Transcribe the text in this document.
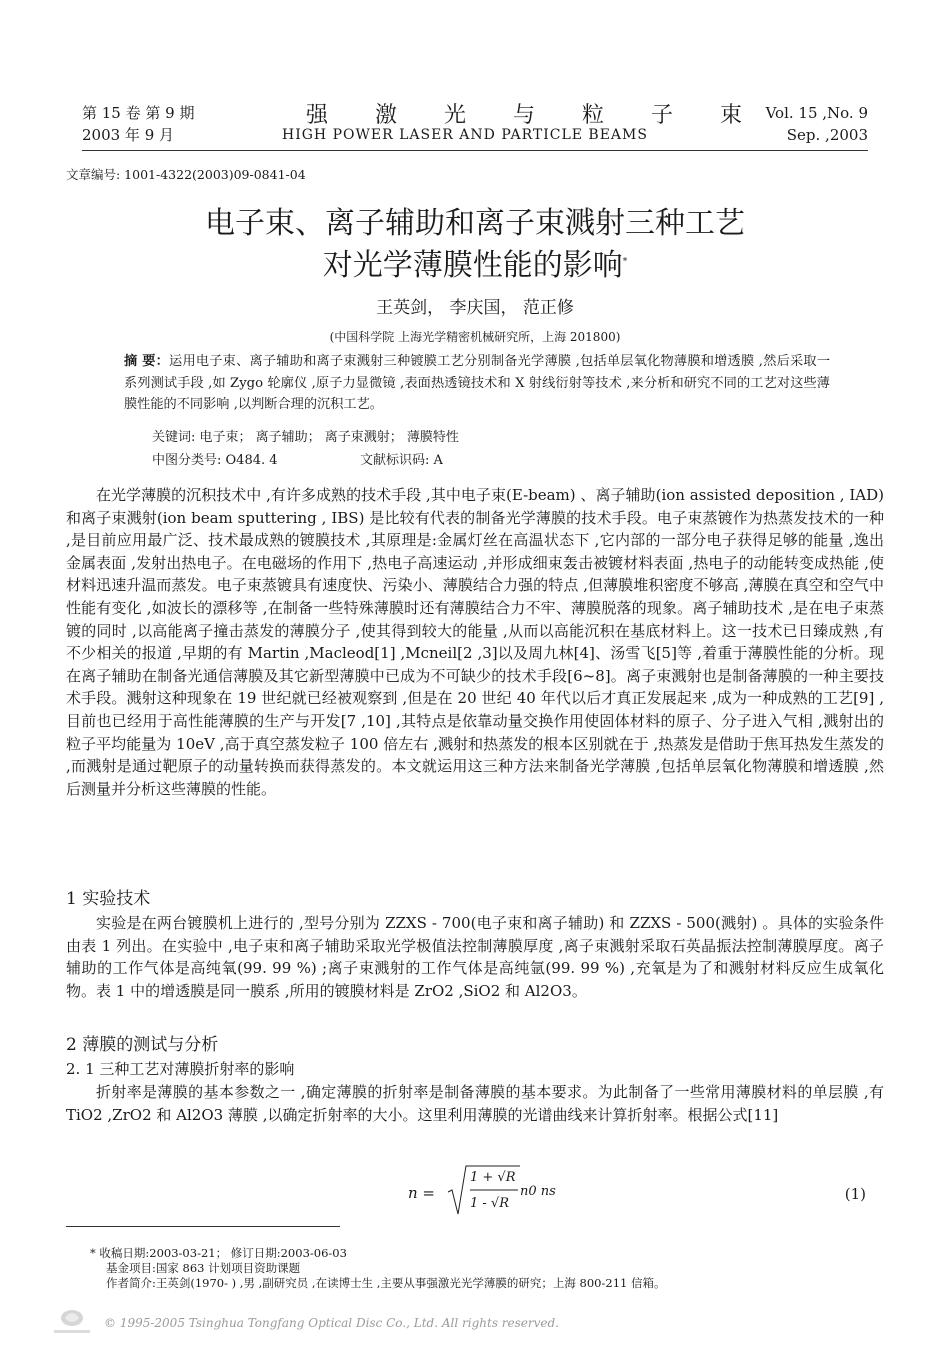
第 15 卷 第 9 期
2003 年 9 月
强 激 光 与 粒 子 束
HIGH POWER LASER AND PARTICLE BEAMS
Vol. 15 ,No. 9
Sep. ,2003
文章编号: 1001-4322(2003)09-0841-04
电子束、离子辅助和离子束溅射三种工艺
对光学薄膜性能的影响*
王英剑， 李庆国， 范正修
(中国科学院 上海光学精密机械研究所，上海 201800)
摘 要：运用电子束、离子辅助和离子束溅射三种镀膜工艺分别制备光学薄膜 ,包括单层氧化物薄膜和增透膜 ,然后采取一系列测试手段 ,如 Zygo 轮廓仪 ,原子力显微镜 ,表面热透镜技术和 X 射线衍射等技术 ,来分析和研究不同的工艺对这些薄膜性能的不同影响 ,以判断合理的沉积工艺。
关键词: 电子束； 离子辅助； 离子束溅射； 薄膜特性
中图分类号: O484. 4	文献标识码: A

在光学薄膜的沉积技术中 ,有许多成熟的技术手段 ,其中电子束(E-beam) 、离子辅助(ion assisted deposition , IAD) 和离子束溅射(ion beam sputtering , IBS) 是比较有代表的制备光学薄膜的技术手段。电子束蒸镀作为热蒸发技术的一种 ,是目前应用最广泛、技术最成熟的镀膜技术 ,其原理是:金属灯丝在高温状态下 ,它内部的一部分电子获得足够的能量 ,逸出金属表面 ,发射出热电子。在电磁场的作用下 ,热电子高速运动 ,并形成细束轰击被镀材料表面 ,热电子的动能转变成热能 ,使材料迅速升温而蒸发。电子束蒸镀具有速度快、污染小、薄膜结合力强的特点 ,但薄膜堆积密度不够高 ,薄膜在真空和空气中性能有变化 ,如波长的漂移等 ,在制备一些特殊薄膜时还有薄膜结合力不牢、薄膜脱落的现象。离子辅助技术 ,是在电子束蒸镀的同时 ,以高能离子撞击蒸发的薄膜分子 ,使其得到较大的能量 ,从而以高能沉积在基底材料上。这一技术已日臻成熟 ,有不少相关的报道 ,早期的有 Martin ,Macleod[1] ,Mcneil[2 ,3]以及周九林[4]、汤雪飞[5]等 ,着重于薄膜性能的分析。现在离子辅助在制备光通信薄膜及其它新型薄膜中已成为不可缺少的技术手段[6~8]。离子束溅射也是制备薄膜的一种主要技术手段。溅射这种现象在 19 世纪就已经被观察到 ,但是在 20 世纪 40 年代以后才真正发展起来 ,成为一种成熟的工艺[9] ,目前也已经用于高性能薄膜的生产与开发[7 ,10] ,其特点是依靠动量交换作用使固体材料的原子、分子进入气相 ,溅射出的粒子平均能量为 10eV ,高于真空蒸发粒子 100 倍左右 ,溅射和热蒸发的根本区别就在于 ,热蒸发是借助于焦耳热发生蒸发的 ,而溅射是通过靶原子的动量转换而获得蒸发的。本文就运用这三种方法来制备光学薄膜 ,包括单层氧化物薄膜和增透膜 ,然后测量并分析这些薄膜的性能。

1 实验技术

实验是在两台镀膜机上进行的 ,型号分别为 ZZXS - 700(电子束和离子辅助) 和 ZZXS - 500(溅射) 。具体的实验条件由表 1 列出。在实验中 ,电子束和离子辅助采取光学极值法控制薄膜厚度 ,离子束溅射采取石英晶振法控制薄膜厚度。离子辅助的工作气体是高纯氧(99. 99 %) ;离子束溅射的工作气体是高纯氩(99. 99 %) ,充氧是为了和溅射材料反应生成氧化物。表 1 中的增透膜是同一膜系 ,所用的镀膜材料是 ZrO2 ,SiO2 和 Al2O3。

2 薄膜的测试与分析
2. 1 三种工艺对薄膜折射率的影响

折射率是薄膜的基本参数之一 ,确定薄膜的折射率是制备薄膜的基本要求。为此制备了一些常用薄膜材料的单层膜 ,有 TiO2 ,ZrO2 和 Al2O3 薄膜 ,以确定折射率的大小。这里利用薄膜的光谱曲线来计算折射率。根据公式[11]

n =
1 + √R
1 - √R
n0 ns	(1)
* 收稿日期:2003-03-21； 修订日期:2003-06-03
基金项目:国家 863 计划项目资助课题
作者简介:王英剑(1970- ) ,男 ,副研究员 ,在读博士生 ,主要从事强激光光学薄膜的研究；上海 800-211 信箱。
© 1995-2005 Tsinghua Tongfang Optical Disc Co., Ltd. All rights reserved.
